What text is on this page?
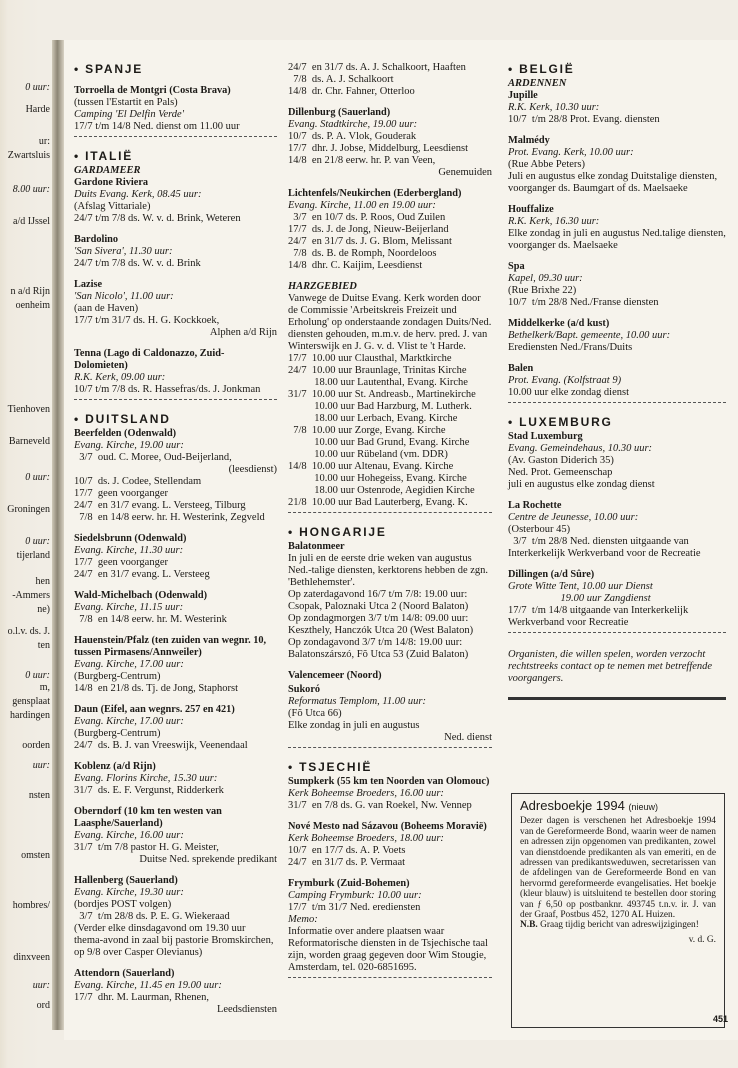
0 uur:
Harde
ur:
Zwartsluis
8.00 uur:
a/d IJssel
n a/d Rijn
oenheim
Tienhoven
Barneveld
0 uur:
Groningen
0 uur:
tijerland
hen
-Ammers
ne)
o.l.v. ds. J.
ten
0 uur:
m,
gensplaat
hardingen
oorden
uur:
nsten
omsten
hombres/
dinxveen
uur:
ord
• SPANJE
Torroella de Montgri (Costa Brava)
(tussen l'Estartit en Pals)
Camping 'El Delfin Verde'
17/7 t/m 14/8 Ned. dienst om 11.00 uur
• ITALIË
GARDAMEER
Gardone Riviera
Duits Evang. Kerk, 08.45 uur:
(Afslag Vittariale)
24/7 t/m 7/8 ds. W. v. d. Brink, Weteren
Bardolino
'San Sivera', 11.30 uur:
24/7 t/m 7/8 ds. W. v. d. Brink
Lazise
'San Nicolo', 11.00 uur:
(aan de Haven)
17/7 t/m 31/7 ds. H. G. Kockkoek,
Alphen a/d Rijn
Tenna (Lago di Caldonazzo, Zuid-Dolomieten)
R.K. Kerk, 09.00 uur:
10/7 t/m 7/8 ds. R. Hassefras/ds. J. Jonkman
• DUITSLAND
Beerfelden (Odenwald)
Evang. Kirche, 19.00 uur:
3/7  oud. C. Moree, Oud-Beijerland,
(leesdienst)
10/7  ds. J. Codee, Stellendam
17/7  geen voorganger
24/7  en 31/7 evang. L. Versteeg, Tilburg
7/8  en 14/8 eerw. hr. H. Westerink, Zegveld
Siedelsbrunn (Odenwald)
Evang. Kirche, 11.30 uur:
17/7  geen voorganger
24/7  en 31/7 evang. L. Versteeg
Wald-Michelbach (Odenwald)
Evang. Kirche, 11.15 uur:
7/8  en 14/8 eerw. hr. M. Westerink
Hauenstein/Pfalz (ten zuiden van wegnr. 10, tussen Pirmasens/Annweiler)
Evang. Kirche, 17.00 uur:
(Burgberg-Centrum)
14/8  en 21/8 ds. Tj. de Jong, Staphorst
Daun (Eifel, aan wegnrs. 257 en 421)
Evang. Kirche, 17.00 uur:
(Burgberg-Centrum)
24/7  ds. B. J. van Vreeswijk, Veenendaal
Koblenz (a/d Rijn)
Evang. Florins Kirche, 15.30 uur:
31/7  ds. E. F. Vergunst, Ridderkerk
Oberndorf (10 km ten westen van Laasphe/Sauerland)
Evang. Kirche, 16.00 uur:
31/7  t/m 7/8 pastor H. G. Meister,
Duitse Ned. sprekende predikant
Hallenberg (Sauerland)
Evang. Kirche, 19.30 uur:
(bordjes POST volgen)
3/7  t/m 28/8 ds. P. E. G. Wiekeraad
(Verder elke dinsdagavond om 19.30 uur thema-avond in zaal bij pastorie Bromskirchen, op 9/8 over Casper Olevianus)
Attendorn (Sauerland)
Evang. Kirche, 11.45 en 19.00 uur:
17/7  dhr. M. Laurman, Rhenen,
Leedsdiensten
24/7  en 31/7 ds. A. J. Schalkoort, Haaften
7/8  ds. A. J. Schalkoort
14/8  dr. Chr. Fahner, Otterloo
Dillenburg (Sauerland)
Evang. Stadtkirche, 19.00 uur:
10/7  ds. P. A. Vlok, Gouderak
17/7  dhr. J. Jobse, Middelburg, Leesdienst
14/8  en 21/8 eerw. hr. P. van Veen,
Genemuiden
Lichtenfels/Neukirchen (Ederbergland)
Evang. Kirche, 11.00 en 19.00 uur:
3/7  en 10/7 ds. P. Roos, Oud Zuilen
17/7  ds. J. de Jong, Nieuw-Beijerland
24/7  en 31/7 ds. J. G. Blom, Melissant
7/8  ds. B. de Romph, Noordeloos
14/8  dhr. C. Kaijim, Leesdienst
HARZGEBIED
Vanwege de Duitse Evang. Kerk worden door de Commissie 'Arbeitskreis Freizeit und Erholung' op onderstaande zondagen Duits/Ned. diensten gehouden, m.m.v. de herv. pred. J. van Winterswijk en J. G. v. d. Vlist te 't Harde.
17/7  10.00 uur Clausthal, Marktkirche
24/7  10.00 uur Braunlage, Trinitas Kirche
18.00 uur Lautenthal, Evang. Kirche
31/7  10.00 uur St. Andreasb., Martinekirche
10.00 uur Bad Harzburg, M. Lutherk.
18.00 uur Lerbach, Evang. Kirche
7/8  10.00 uur Zorge, Evang. Kirche
10.00 uur Bad Grund, Evang. Kirche
10.00 uur Rübeland (vm. DDR)
14/8  10.00 uur Altenau, Evang. Kirche
10.00 uur Hohegeiss, Evang. Kirche
18.00 uur Ostenrode, Aegidien Kirche
21/8  10.00 uur Bad Lauterberg, Evang. K.
• HONGARIJE
Balatonmeer
In juli en de eerste drie weken van augustus Ned.-talige diensten, kerktorens hebben de zgn. 'Bethlehemster'.
Op zaterdagavond 16/7 t/m 7/8: 19.00 uur: Csopak, Paloznaki Utca 2 (Noord Balaton)
Op zondagmorgen 3/7 t/m 14/8: 09.00 uur: Keszthely, Hanczók Utca 20 (West Balaton)
Op zondagavond 3/7 t/m 14/8: 19.00 uur: Balatonszárszó, Fõ Utca 53 (Zuid Balaton)
Valencemeer (Noord)
Sukoró
Reformatus Templom, 11.00 uur:
(Fõ Utca 66)
Elke zondag in juli en augustus
Ned. dienst
• TSJECHIË
Sumpkerk (55 km ten Noorden van Olomouc)
Kerk Boheemse Broeders, 16.00 uur:
31/7  en 7/8 ds. G. van Roekel, Nw. Vennep
Nové Mesto nad Sázavou (Boheems Moravië)
Kerk Boheemse Broeders, 18.00 uur:
10/7  en 17/7 ds. A. P. Voets
24/7  en 31/7 ds. P. Vermaat
Frymburk (Zuid-Bohemen)
Camping Frymburk: 10.00 uur:
17/7  t/m 31/7 Ned. erediensten
Memo:
Informatie over andere plaatsen waar Reformatorische diensten in de Tsjechische taal zijn, worden graag gegeven door Wim Stougie, Amsterdam, tel. 020-6851695.
• BELGIË
ARDENNEN
Jupille
R.K. Kerk, 10.30 uur:
10/7  t/m 28/8 Prot. Evang. diensten
Malmédy
Prot. Evang. Kerk, 10.00 uur:
(Rue Abbe Peters)
Juli en augustus elke zondag Duitstalige diensten, voorganger ds. Baumgart of ds. Maelsaeke
Houffalize
R.K. Kerk, 16.30 uur:
Elke zondag in juli en augustus Ned.talige diensten, voorganger ds. Maelsaeke
Spa
Kapel, 09.30 uur:
(Rue Brixhe 22)
10/7  t/m 28/8 Ned./Franse diensten
Middelkerke (a/d kust)
Bethelkerk/Bapt. gemeente, 10.00 uur:
Erediensten Ned./Frans/Duits
Balen
Prot. Evang. (Kolfstraat 9)
10.00 uur elke zondag dienst
• LUXEMBURG
Stad Luxemburg
Evang. Gemeindehaus, 10.30 uur:
(Av. Gaston Diderich 35)
Ned. Prot. Gemeenschap
juli en augustus elke zondag dienst
La Rochette
Centre de Jeunesse, 10.00 uur:
(Osterbour 45)
3/7  t/m 28/8 Ned. diensten uitgaande van Interkerkelijk Werkverband voor de Recreatie
Dillingen (a/d Sûre)
Grote Witte Tent, 10.00 uur Dienst
19.00 uur Zangdienst
17/7  t/m 14/8 uitgaande van Interkerkelijk Werkverband voor Recreatie
Organisten, die willen spelen, worden verzocht rechtstreeks contact op te nemen met betreffende voorgangers.
Adresboekje 1994 (nieuw)
Dezer dagen is verschenen het Adresboekje 1994 van de Gereformeerde Bond, waarin weer de namen en adressen zijn opgenomen van predikanten, zowel van dienstdoende predikanten als van emeriti, en de adressen van predikantsweduwen, secretarissen van de afdelingen van de Gereformeerde Bond en van hervormd gereformeerde evangelisaties. Het boekje (kleur blauw) is uitsluitend te bestellen door storing van ƒ 6,50 op postbanknr. 493745 t.n.v. ir. J. van der Graaf, Postbus 452, 1270 AL Huizen.
N.B. Graag tijdig bericht van adreswijzigingen!
v. d. G.
451
